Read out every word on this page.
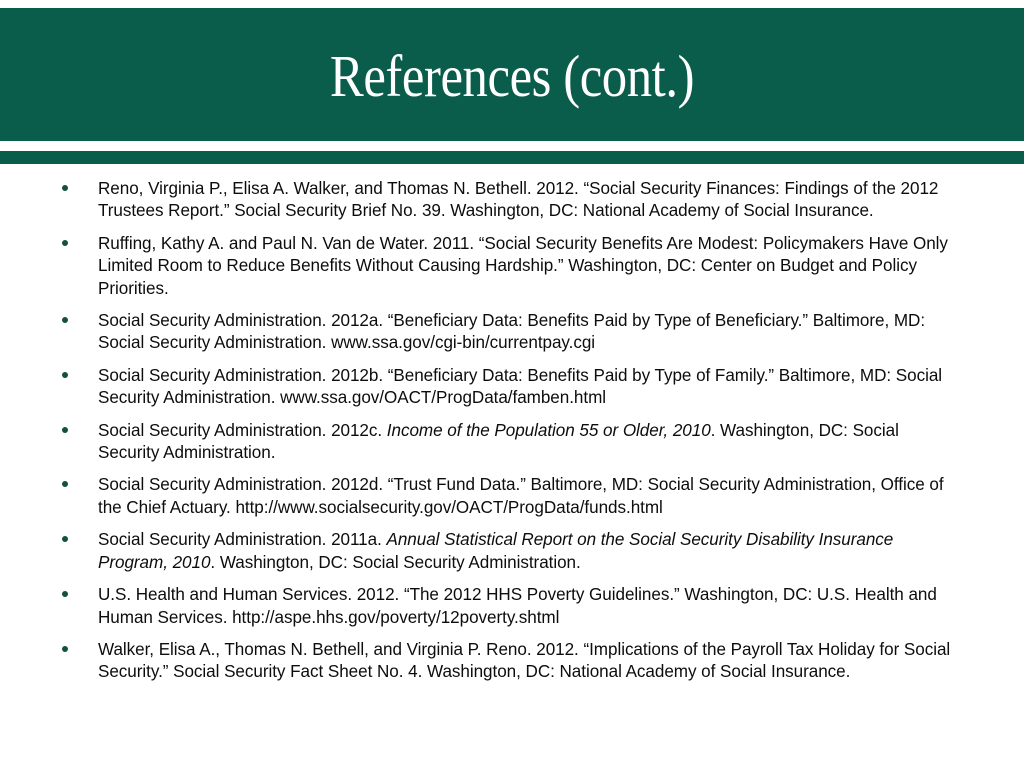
References (cont.)
Reno, Virginia P., Elisa A. Walker, and Thomas N. Bethell. 2012. “Social Security Finances: Findings of the 2012 Trustees Report.” Social Security Brief No. 39. Washington, DC: National Academy of Social Insurance.
Ruffing, Kathy A. and Paul N. Van de Water. 2011. “Social Security Benefits Are Modest: Policymakers Have Only Limited Room to Reduce Benefits Without Causing Hardship.” Washington, DC: Center on Budget and Policy Priorities.
Social Security Administration. 2012a. “Beneficiary Data: Benefits Paid by Type of Beneficiary.” Baltimore, MD: Social Security Administration. www.ssa.gov/cgi-bin/currentpay.cgi
Social Security Administration. 2012b. “Beneficiary Data: Benefits Paid by Type of Family.” Baltimore, MD: Social Security Administration. www.ssa.gov/OACT/ProgData/famben.html
Social Security Administration. 2012c. Income of the Population 55 or Older, 2010. Washington, DC: Social Security Administration.
Social Security Administration. 2012d. “Trust Fund Data.” Baltimore, MD: Social Security Administration, Office of the Chief Actuary. http://www.socialsecurity.gov/OACT/ProgData/funds.html
Social Security Administration. 2011a. Annual Statistical Report on the Social Security Disability Insurance Program, 2010. Washington, DC: Social Security Administration.
U.S. Health and Human Services. 2012. “The 2012 HHS Poverty Guidelines.” Washington, DC: U.S. Health and Human Services. http://aspe.hhs.gov/poverty/12poverty.shtml
Walker, Elisa A., Thomas N. Bethell, and Virginia P. Reno. 2012. “Implications of the Payroll Tax Holiday for Social Security.” Social Security Fact Sheet No. 4. Washington, DC: National Academy of Social Insurance.
